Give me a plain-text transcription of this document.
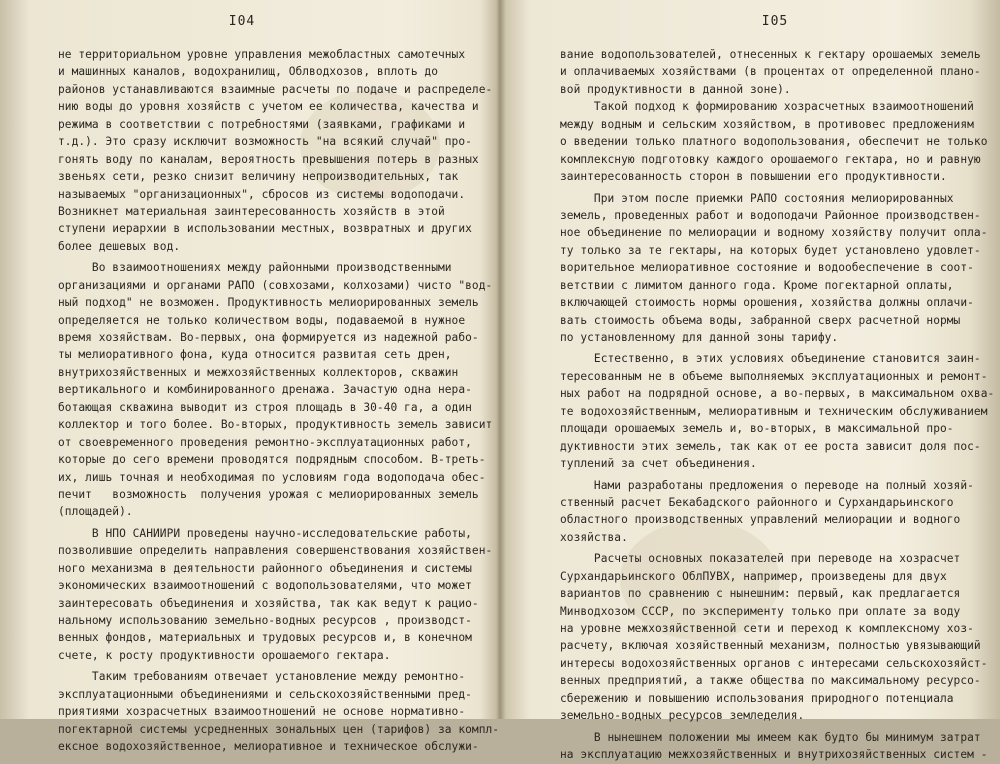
I04
не территориальном уровне управления межобластных самотечных
и машинных каналов, водохранилищ, Облводхозов, вплоть до
районов устанавливаются взаимные расчеты по подаче и распределе-
нию воды до уровня хозяйств с учетом ее количества, качества и
режима в соответствии с потребностями (заявками, графиками и
т.д.). Это сразу исключит возможность "на всякий случай" про-
гонять воду по каналам, вероятность превышения потерь в разных
звеньях сети, резко снизит величину непроизводительных, так
называемых "организационных", сбросов из системы водоподачи.
Возникнет материальная заинтересованность хозяйств в этой
ступени иерархии в использовании местных, возвратных и других
более дешевых вод.
Во взаимоотношениях между районными производственными
организациями и органами РАПО (совхозами, колхозами) чисто "вод-
ный подход" не возможен. Продуктивность мелиорированных земель
определяется не только количеством воды, подаваемой в нужное
время хозяйствам. Во-первых, она формируется из надежной рабо-
ты мелиоративного фона, куда относится развитая сеть дрен,
внутрихозяйственных и межхозяйственных коллекторов, скважин
вертикального и комбинированного дренажа. Зачастую одна нера-
ботающая скважина выводит из строя площадь в 30-40 га, а один
коллектор и того более. Во-вторых, продуктивность земель зависит
от своевременного проведения ремонтно-эксплуатационных работ,
которые до сего времени проводятся подрядным способом. В-треть-
их, лишь точная и необходимая по условиям года водоподача обес-
печит   возможность  получения урожая с мелиорированных земель
(площадей).
В НПО САНИИРИ проведены научно-исследовательские работы,
позволившие определить направления совершенствования хозяйствен-
ного механизма в деятельности районного объединения и системы
экономических взаимоотношений с водопользователями, что может
заинтересовать объединения и хозяйства, так как ведут к рацио-
нальному использованию земельно-водных ресурсов , производст-
венных фондов, материальных и трудовых ресурсов и, в конечном
счете, к росту продуктивности орошаемого гектара.
Таким требованиям отвечает установление между ремонтно-
эксплуатационными объединениями и сельскохозяйственными пред-
приятиями хозрасчетных взаимоотношений не основе нормативно-
погектарной системы усредненных зональных цен (тарифов) за компл-
ексное водохозяйственное, мелиоративное и техническое обслужи-
I05
вание водопользователей, отнесенных к гектару орошаемых земель
и оплачиваемых хозяйствами (в процентах от определенной плано-
вой продуктивности в данной зоне).
Такой подход к формированию хозрасчетных взаимоотношений
между водным и сельским хозяйством, в противовес предложениям
о введении только платного водопользования, обеспечит не только
комплексную подготовку каждого орошаемого гектара, но и равную
заинтересованность сторон в повышении его продуктивности.
При этом после приемки РАПО состояния мелиорированных
земель, проведенных работ и водоподачи Районное производствен-
ное объединение по мелиорации и водному хозяйству получит опла-
ту только за те гектары, на которых будет установлено удовлет-
ворительное мелиоративное состояние и водообеспечение в соот-
ветствии с лимитом данного года. Кроме погектарной оплаты,
включающей стоимость нормы орошения, хозяйства должны оплачи-
вать стоимость объема воды, забранной сверх расчетной нормы
по установленному для данной зоны тарифу.
Естественно, в этих условиях объединение становится заин-
тересованным не в объеме выполняемых эксплуатационных и ремонт-
ных работ на подрядной основе, а во-первых, в максимальном охва-
те водохозяйственным, мелиоративным и техническим обслуживанием
площади орошаемых земель и, во-вторых, в максимальной про-
дуктивности этих земель, так как от ее роста зависит доля пос-
туплений за счет объединения.
Нами разработаны предложения о переводе на полный хозяй-
ственный расчет Бекабадского районного и Сурхандарьинского
областного производственных управлений мелиорации и водного
хозяйства.
Расчеты основных показателей при переводе на хозрасчет
Сурхандарьинского ОблПУВХ, например, произведены для двух
вариантов по сравнению с нынешним: первый, как предлагается
Минводхозом СССР, по эксперименту только при оплате за воду
на уровне межхозяйственной сети и переход к комплексному хоз-
расчету, включая хозяйственный механизм, полностью увязывающий
интересы водохозяйственных органов с интересами сельскохозяйст-
венных предприятий, а также общества по максимальному ресурсо-
сбережению и повышению использования природного потенциала
земельно-водных ресурсов земледелия.
В нынешнем положении мы имеем как будто бы минимум затрат
на эксплуатацию межхозяйственных и внутрихозяйственных систем -
